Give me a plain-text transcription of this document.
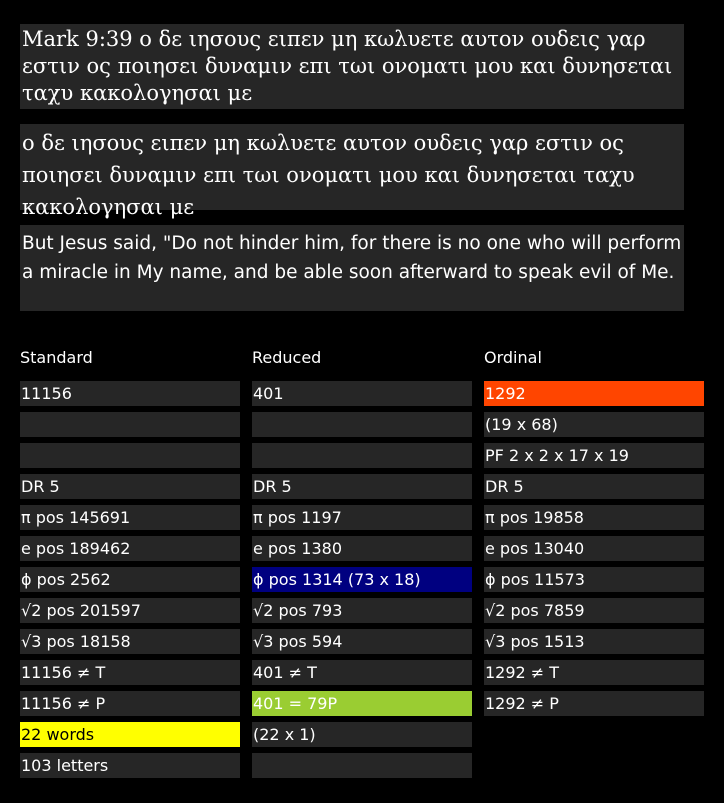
Mark 9:39 ο δε ιησους ειπεν μη κωλυετε αυτον ουδεις γαρ εστιν ος ποιησει δυναμιν επι τωι ονοματι μου και δυνησεται ταχυ κακολογησαι με
ο δε ιησους ειπεν μη κωλυετε αυτον ουδεις γαρ εστιν ος ποιησει δυναμιν επι τωι ονοματι μου και δυνησεται ταχυ κακολογησαι με
But Jesus said, "Do not hinder him, for there is no one who will perform a miracle in My name, and be able soon afterward to speak evil of Me.
Standard
11156
DR 5
π pos 145691
e pos 189462
ϕ pos 2562
√2 pos 201597
√3 pos 18158
11156 ≠ T
11156 ≠ P
22 words
103 letters
Reduced
401
DR 5
π pos 1197
e pos 1380
ϕ pos 1314 (73 x 18)
√2 pos 793
√3 pos 594
401 ≠ T
401 = 79P
(22 x 1)
Ordinal
1292
(19 x 68)
PF 2 x 2 x 17 x 19
DR 5
π pos 19858
e pos 13040
ϕ pos 11573
√2 pos 7859
√3 pos 1513
1292 ≠ T
1292 ≠ P
